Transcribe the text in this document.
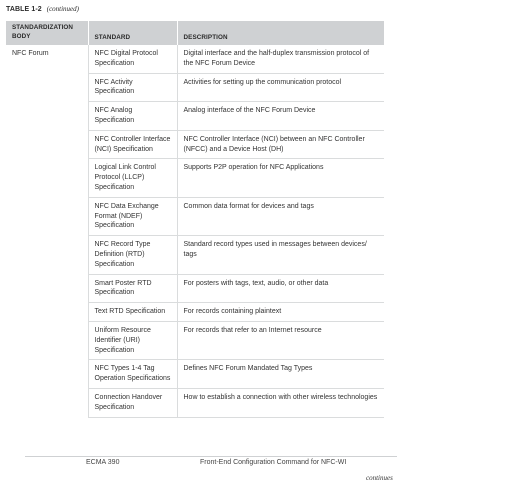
TABLE 1-2 (continued)
STANDARDIZATION BODY	STANDARD	DESCRIPTION
NFC Forum	NFC Digital Protocol Specification	Digital interface and the half-duplex transmission protocol of the NFC Forum Device
	NFC Activity Specification	Activities for setting up the communication protocol
	NFC Analog Specification	Analog interface of the NFC Forum Device
	NFC Controller Interface (NCI) Specification	NFC Controller Interface (NCI) between an NFC Controller (NFCC) and a Device Host (DH)
	Logical Link Control Protocol (LLCP) Specification	Supports P2P operation for NFC Applications
	NFC Data Exchange Format (NDEF) Specification	Common data format for devices and tags
	NFC Record Type Definition (RTD) Specification	Standard record types used in messages between devices/ tags
	Smart Poster RTD Specification	For posters with tags, text, audio, or other data
	Text RTD Specification	For records containing plaintext
	Uniform Resource Identifier (URI) Specification	For records that refer to an Internet resource
	NFC Types 1-4 Tag Operation Specifications	Defines NFC Forum Mandated Tag Types
	Connection Handover Specification	How to establish a connection with other wireless technologies
ECMA 390	Front-End Configuration Command for NFC-WI
continues
